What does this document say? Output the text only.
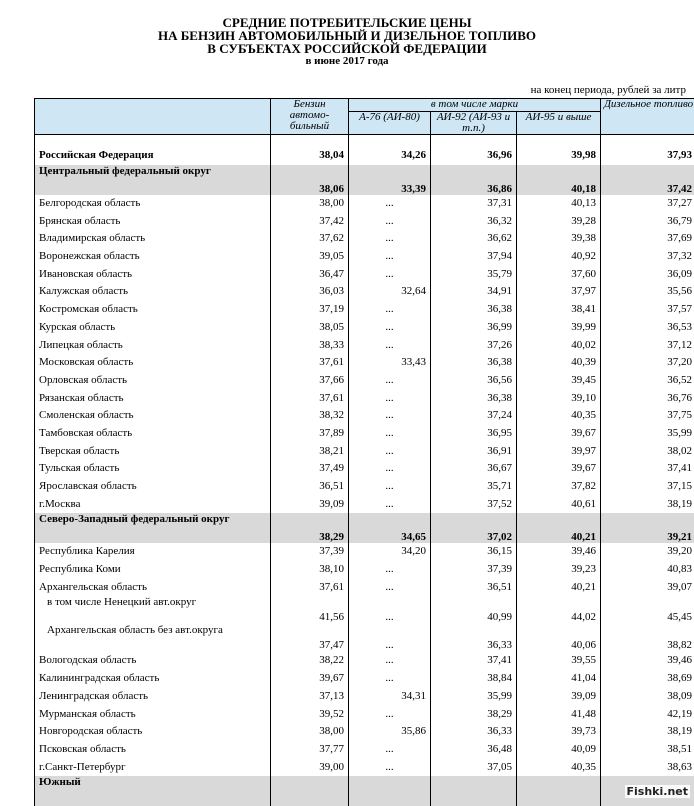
СРЕДНИЕ ПОТРЕБИТЕЛЬСКИЕ ЦЕНЫ
НА БЕНЗИН АВТОМОБИЛЬНЫЙ И ДИЗЕЛЬНОЕ ТОПЛИВО
В СУБЪЕКТАХ РОССИЙСКОЙ ФЕДЕРАЦИИ
в июне 2017 года
на конец периода, рублей за литр
	Бензин автомо-бильный	в том числе марки			Дизельное топливо
		А-76 (АИ-80)	АИ-92 (АИ-93 и т.п.)	АИ-95 и выше	

Российская Федерация	38,04	34,26	36,96	39,98	37,93
Центральный федеральный округ	38,06	33,39	36,86	40,18	37,42
Белгородская область	38,00	...	37,31	40,13	37,27
Брянская область	37,42	...	36,32	39,28	36,79
Владимирская область	37,62	...	36,62	39,38	37,69
Воронежская область	39,05	...	37,94	40,92	37,32
Ивановская область	36,47	...	35,79	37,60	36,09
Калужская область	36,03	32,64	34,91	37,97	35,56
Костромская область	37,19	...	36,38	38,41	37,57
Курская область	38,05	...	36,99	39,99	36,53
Липецкая область	38,33	...	37,26	40,02	37,12
Московская область	37,61	33,43	36,38	40,39	37,20
Орловская область	37,66	...	36,56	39,45	36,52
Рязанская область	37,61	...	36,38	39,10	36,76
Смоленская область	38,32	...	37,24	40,35	37,75
Тамбовская область	37,89	...	36,95	39,67	35,99
Тверская область	38,21	...	36,91	39,97	38,02
Тульская область	37,49	...	36,67	39,67	37,41
Ярославская область	36,51	...	35,71	37,82	37,15
г.Москва	39,09	...	37,52	40,61	38,19
Северо-Западный федеральный округ	38,29	34,65	37,02	40,21	39,21
Республика Карелия	37,39	34,20	36,15	39,46	39,20
Республика Коми	38,10	...	37,39	39,23	40,83
Архангельская область	37,61	...	36,51	40,21	39,07
в том числе Ненецкий авт.округ	41,56	...	40,99	44,02	45,45
Архангельская область без авт.округа	37,47	...	36,33	40,06	38,82
Вологодская область	38,22	...	37,41	39,55	39,46
Калининградская область	39,67	...	38,84	41,04	38,69
Ленинградская область	37,13	34,31	35,99	39,09	38,09
Мурманская область	39,52	...	38,29	41,48	42,19
Новгородская область	38,00	35,86	36,33	39,73	38,19
Псковская область	37,77	...	36,48	40,09	38,51
г.Санкт-Петербург	39,00	...	37,05	40,35	38,63
Южный					
Fishki.net
